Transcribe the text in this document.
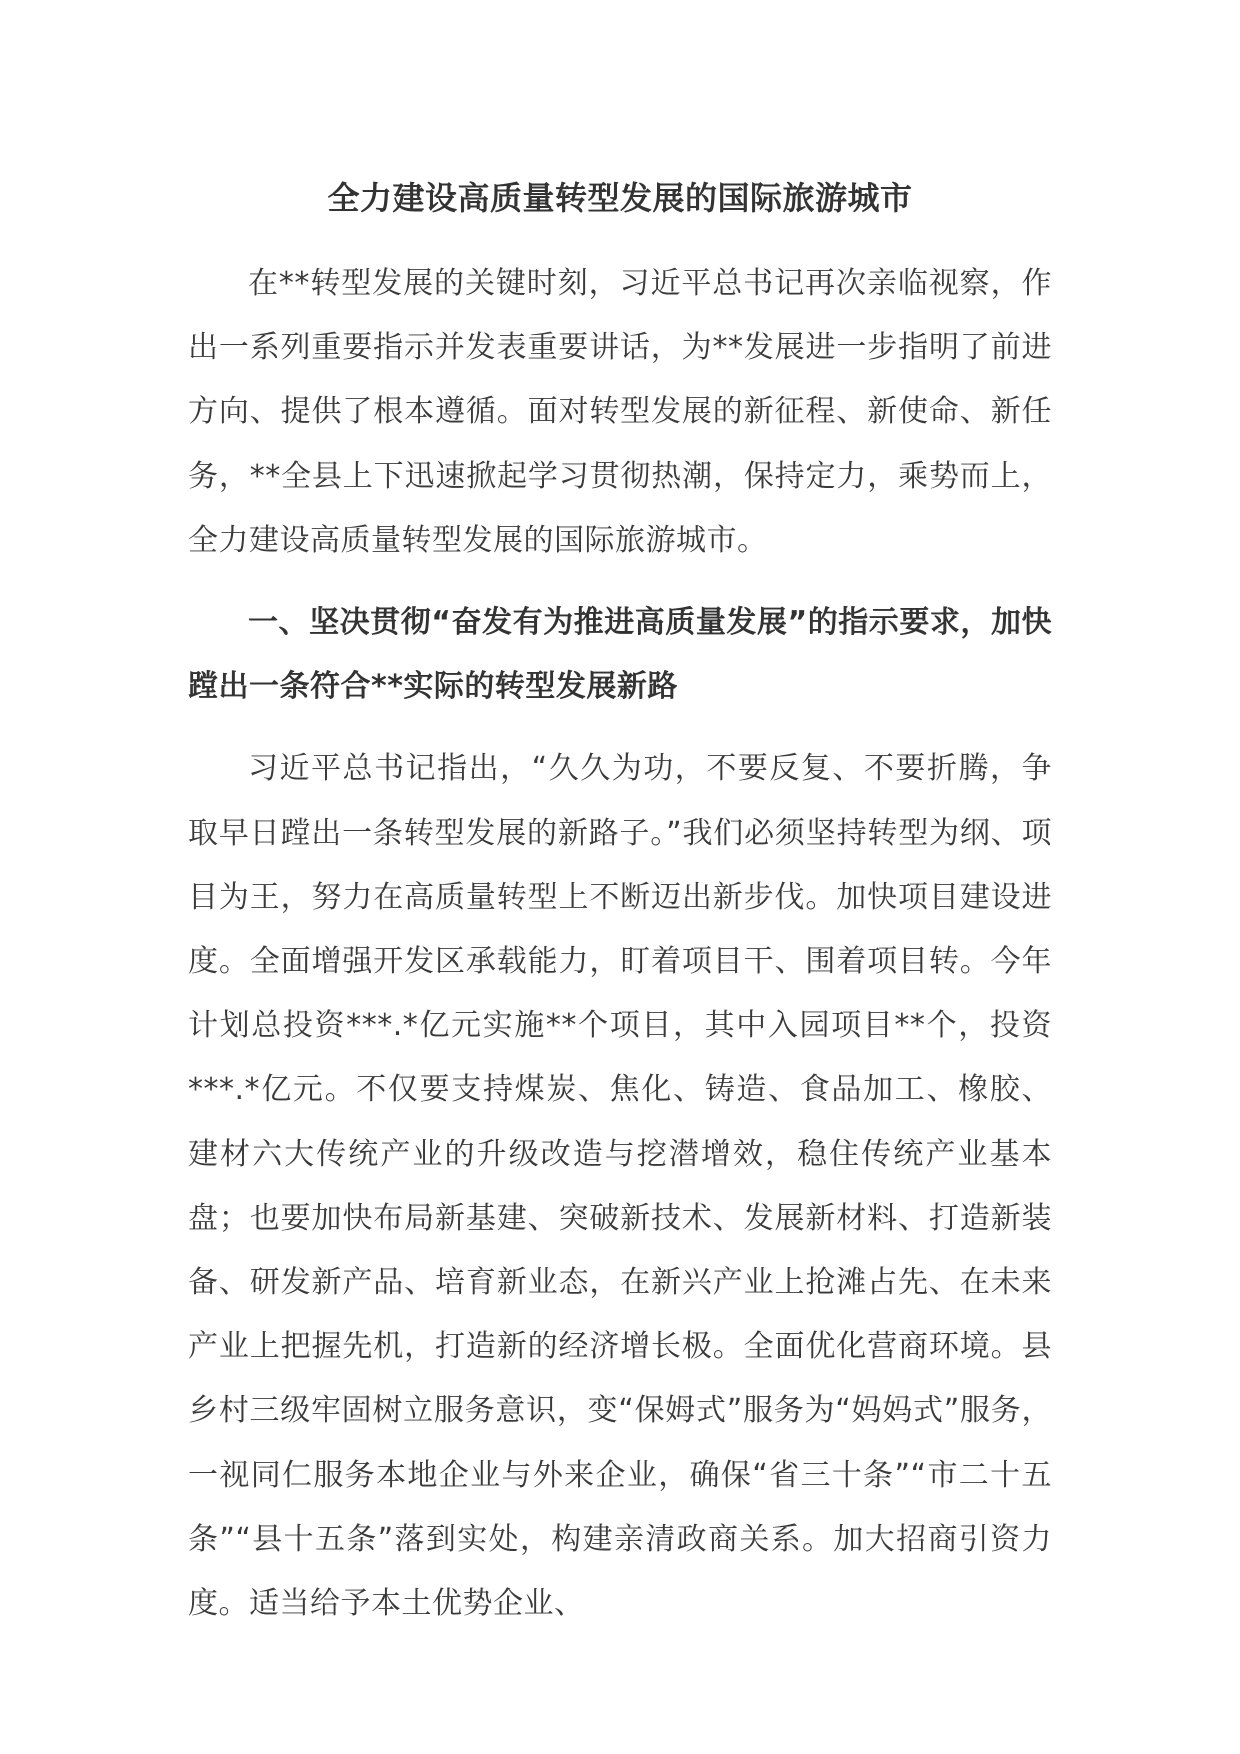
全力建设高质量转型发展的国际旅游城市

在**转型发展的关键时刻，习近平总书记再次亲临视察，作出一系列重要指示并发表重要讲话，为**发展进一步指明了前进方向、提供了根本遵循。面对转型发展的新征程、新使命、新任务，**全县上下迅速掀起学习贯彻热潮，保持定力，乘势而上，全力建设高质量转型发展的国际旅游城市。

一、坚决贯彻“奋发有为推进高质量发展”的指示要求，加快蹚出一条符合**实际的转型发展新路

习近平总书记指出，“久久为功，不要反复、不要折腾，争取早日蹚出一条转型发展的新路子。”我们必须坚持转型为纲、项目为王，努力在高质量转型上不断迈出新步伐。加快项目建设进度。全面增强开发区承载能力，盯着项目干、围着项目转。今年计划总投资***.*亿元实施**个项目，其中入园项目**个，投资***.*亿元。不仅要支持煤炭、焦化、铸造、食品加工、橡胶、建材六大传统产业的升级改造与挖潜增效，稳住传统产业基本盘；也要加快布局新基建、突破新技术、发展新材料、打造新装备、研发新产品、培育新业态，在新兴产业上抢滩占先、在未来产业上把握先机，打造新的经济增长极。全面优化营商环境。县乡村三级牢固树立服务意识，变“保姆式”服务为“妈妈式”服务，一视同仁服务本地企业与外来企业，确保“省三十条”“市二十五条”“县十五条”落到实处，构建亲清政商关系。加大招商引资力度。适当给予本土优势企业、
